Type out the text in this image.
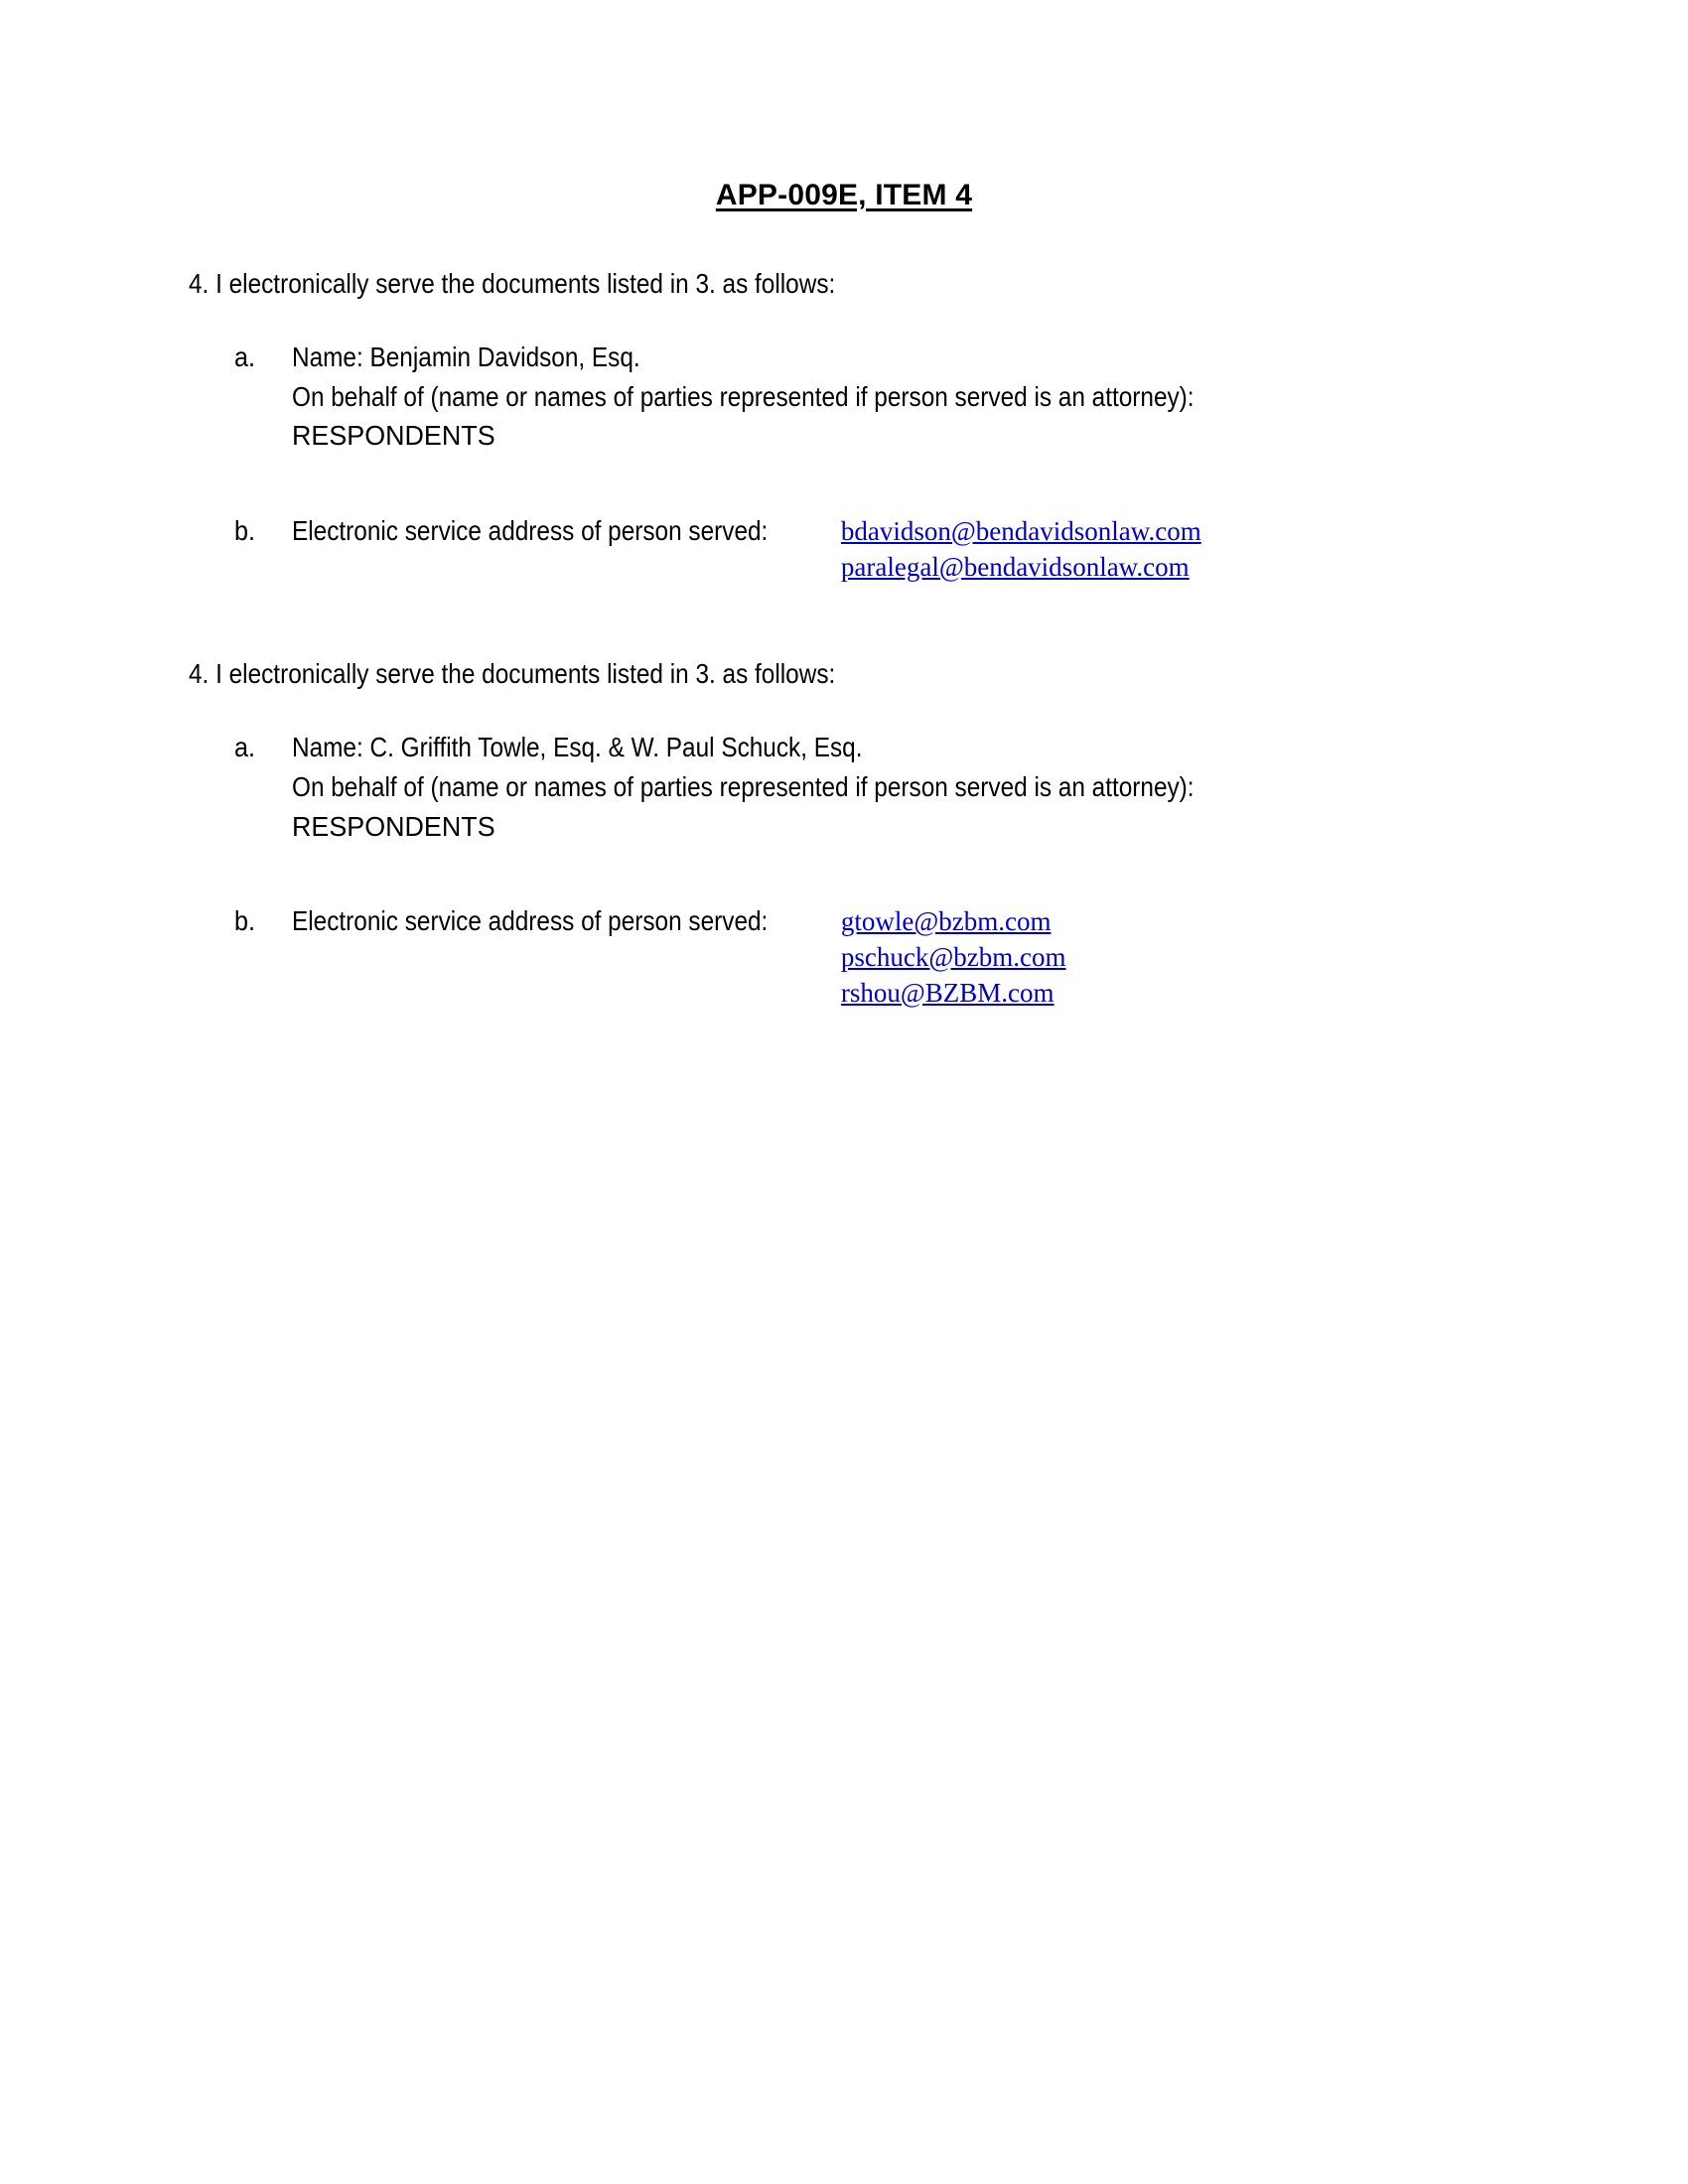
APP-009E, ITEM 4

4. I electronically serve the documents listed in 3. as follows:

a.	Name: Benjamin Davidson, Esq.
On behalf of (name or names of parties represented if person served is an attorney):
RESPONDENTS
b.	Electronic service address of person served:	bdavidson@bendavidsonlaw.com
paralegal@bendavidsonlaw.com

4. I electronically serve the documents listed in 3. as follows:

a.	Name: C. Griffith Towle, Esq. & W. Paul Schuck, Esq.
On behalf of (name or names of parties represented if person served is an attorney):
RESPONDENTS
b.	Electronic service address of person served:	gtowle@bzbm.com
pschuck@bzbm.com
rshou@BZBM.com
